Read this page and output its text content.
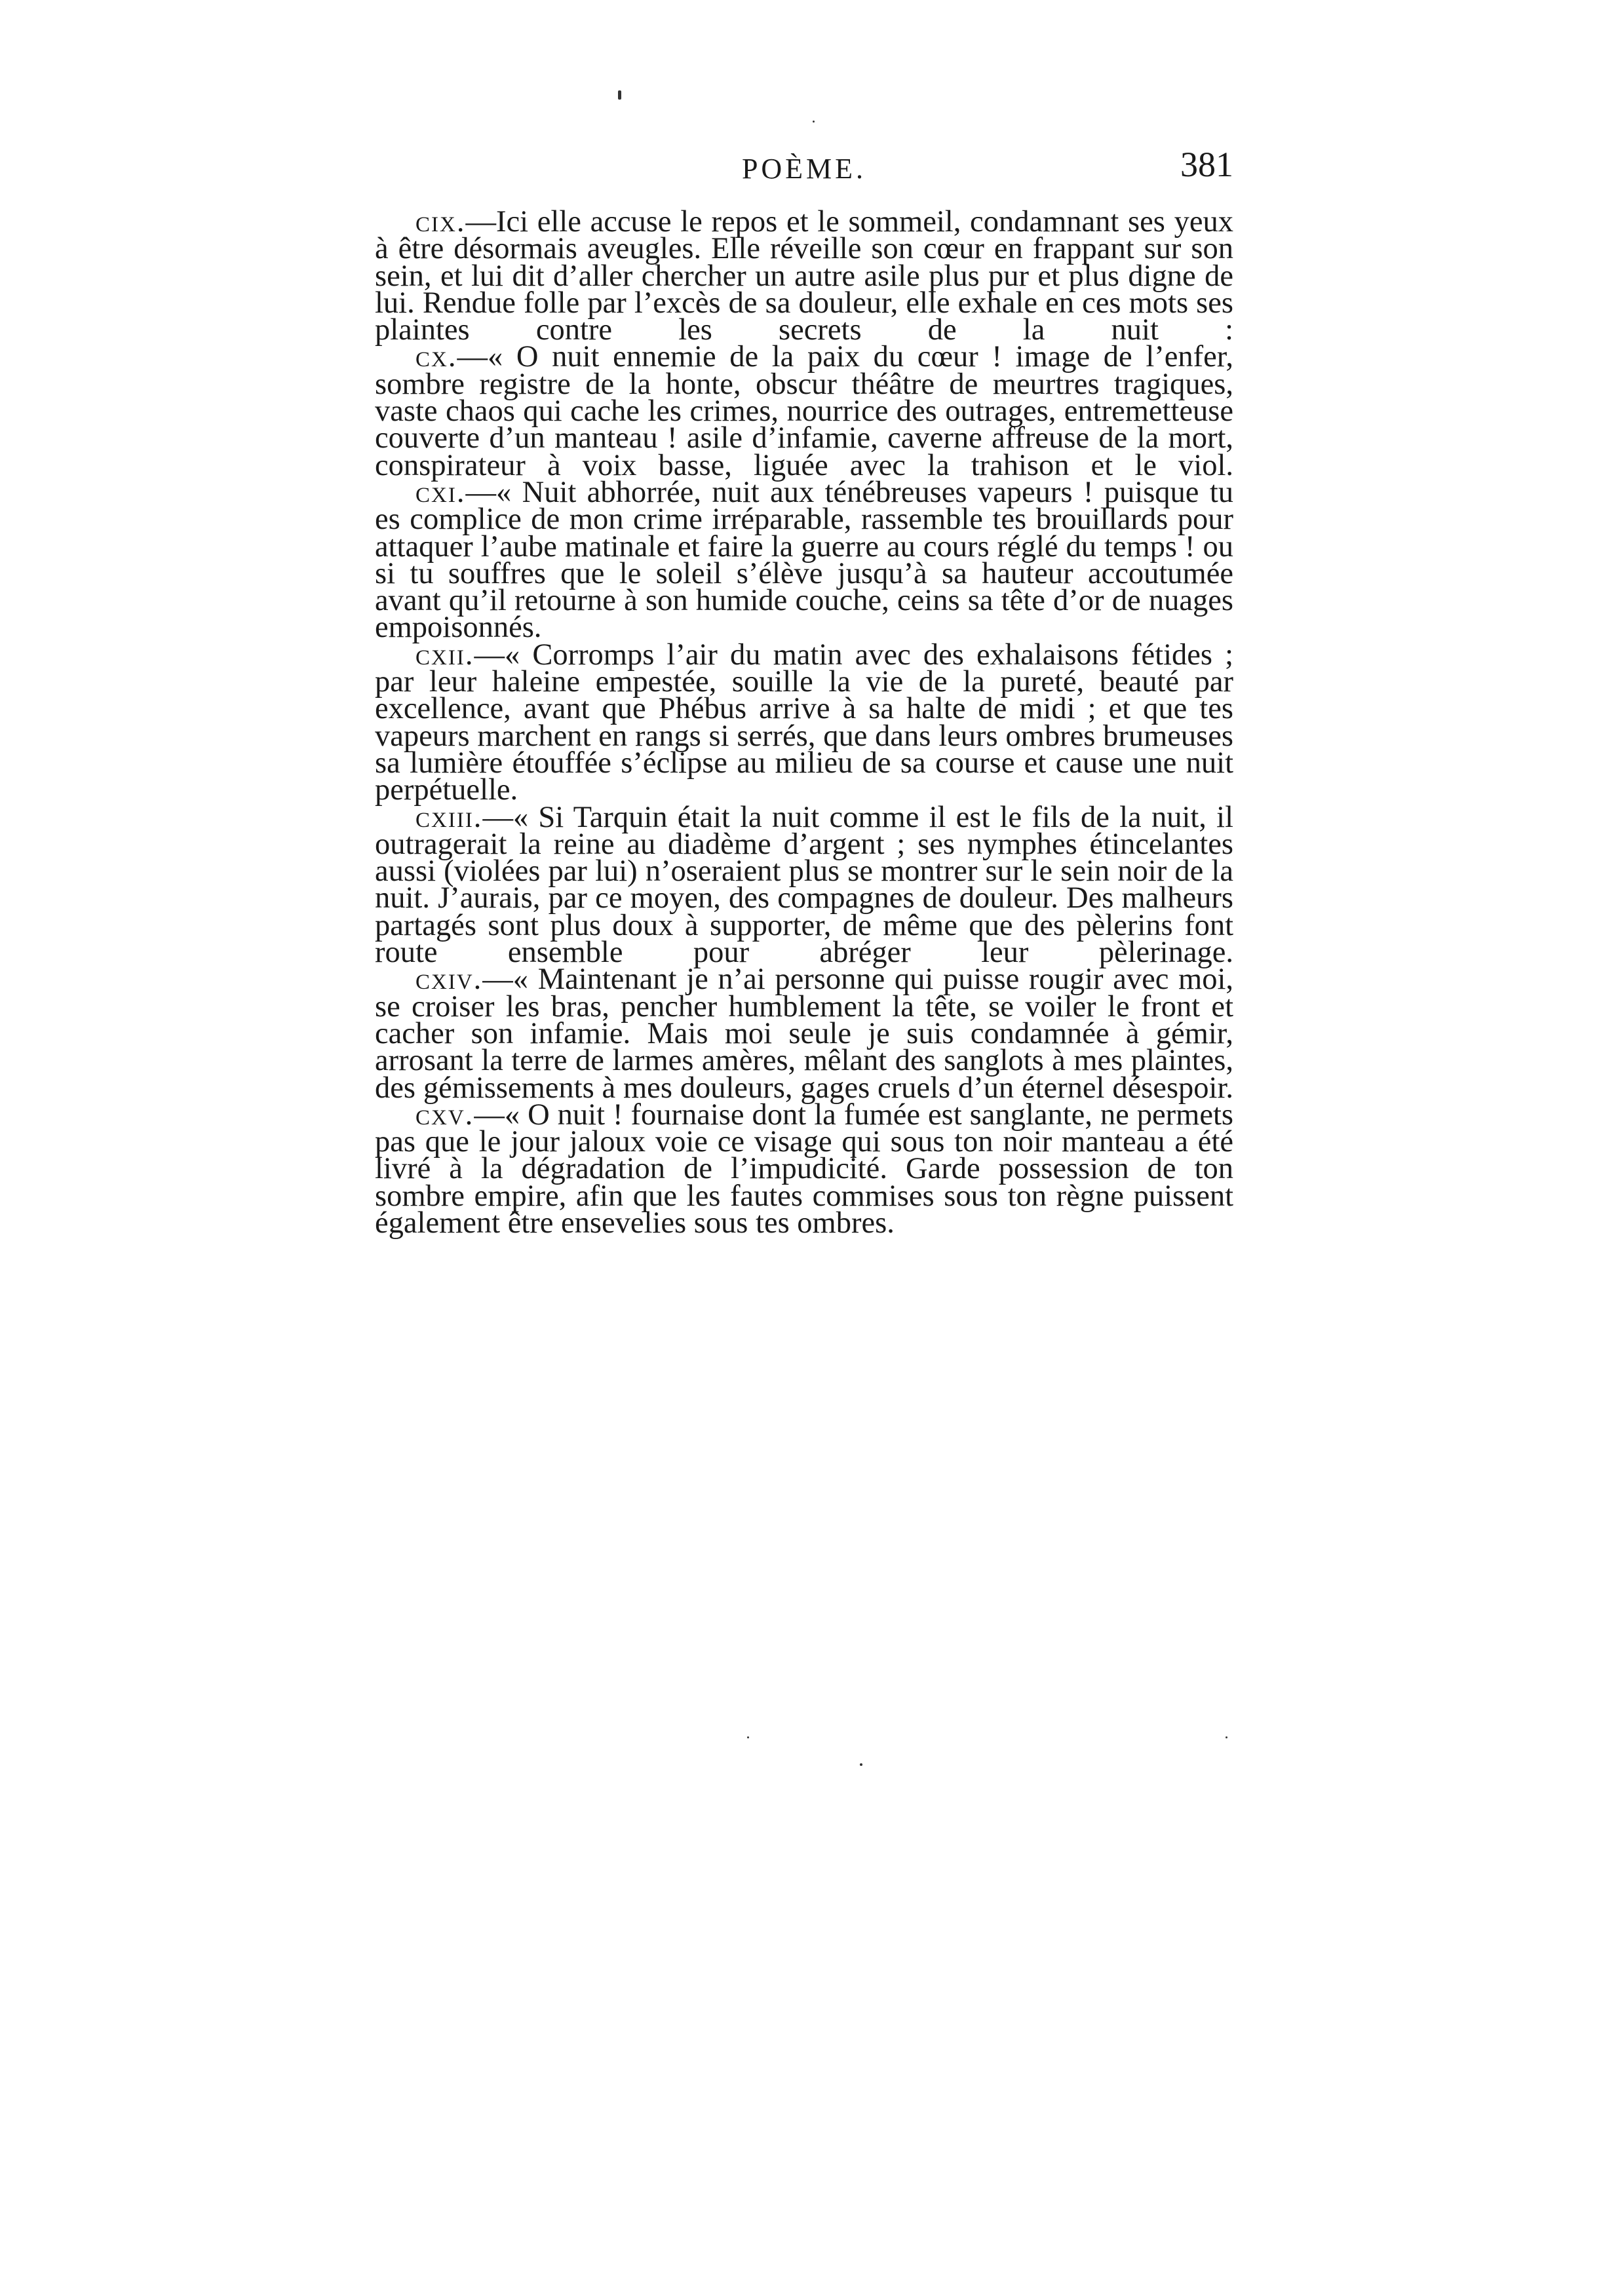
POÈME.	381

cix.—Ici elle accuse le repos et le sommeil, condamnant ses yeux à être désormais aveugles. Elle réveille son cœur en frappant sur son sein, et lui dit d’aller chercher un autre asile plus pur et plus digne de lui. Rendue folle par l’excès de sa douleur, elle exhale en ces mots ses plaintes contre les secrets de la nuit :

cx.—« O nuit ennemie de la paix du cœur ! image de l’enfer, sombre registre de la honte, obscur théâtre de meurtres tragiques, vaste chaos qui cache les crimes, nourrice des outrages, entremetteuse couverte d’un manteau ! asile d’infamie, caverne affreuse de la mort, conspirateur à voix basse, liguée avec la trahison et le viol.

cxi.—« Nuit abhorrée, nuit aux ténébreuses vapeurs ! puisque tu es complice de mon crime irréparable, rassemble tes brouillards pour attaquer l’aube matinale et faire la guerre au cours réglé du temps ! ou si tu souffres que le soleil s’élève jusqu’à sa hauteur accoutumée avant qu’il retourne à son humide couche, ceins sa tête d’or de nuages empoisonnés.

cxii.—« Corromps l’air du matin avec des exhalaisons fétides ; par leur haleine empestée, souille la vie de la pureté, beauté par excellence, avant que Phébus arrive à sa halte de midi ; et que tes vapeurs marchent en rangs si serrés, que dans leurs ombres brumeuses sa lumière étouffée s’éclipse au milieu de sa course et cause une nuit perpétuelle.

cxiii.—« Si Tarquin était la nuit comme il est le fils de la nuit, il outragerait la reine au diadème d’argent ; ses nymphes étincelantes aussi (violées par lui) n’oseraient plus se montrer sur le sein noir de la nuit. J’aurais, par ce moyen, des compagnes de douleur. Des malheurs partagés sont plus doux à supporter, de même que des pèlerins font route ensemble pour abréger leur pèlerinage.

cxiv.—« Maintenant je n’ai personne qui puisse rougir avec moi, se croiser les bras, pencher humblement la tête, se voiler le front et cacher son infamie. Mais moi seule je suis condamnée à gémir, arrosant la terre de larmes amères, mêlant des sanglots à mes plaintes, des gémissements à mes douleurs, gages cruels d’un éternel désespoir.

cxv.—« O nuit ! fournaise dont la fumée est sanglante, ne permets pas que le jour jaloux voie ce visage qui sous ton noir manteau a été livré à la dégradation de l’impudicité. Garde possession de ton sombre empire, afin que les fautes commises sous ton règne puissent également être ensevelies sous tes ombres.
